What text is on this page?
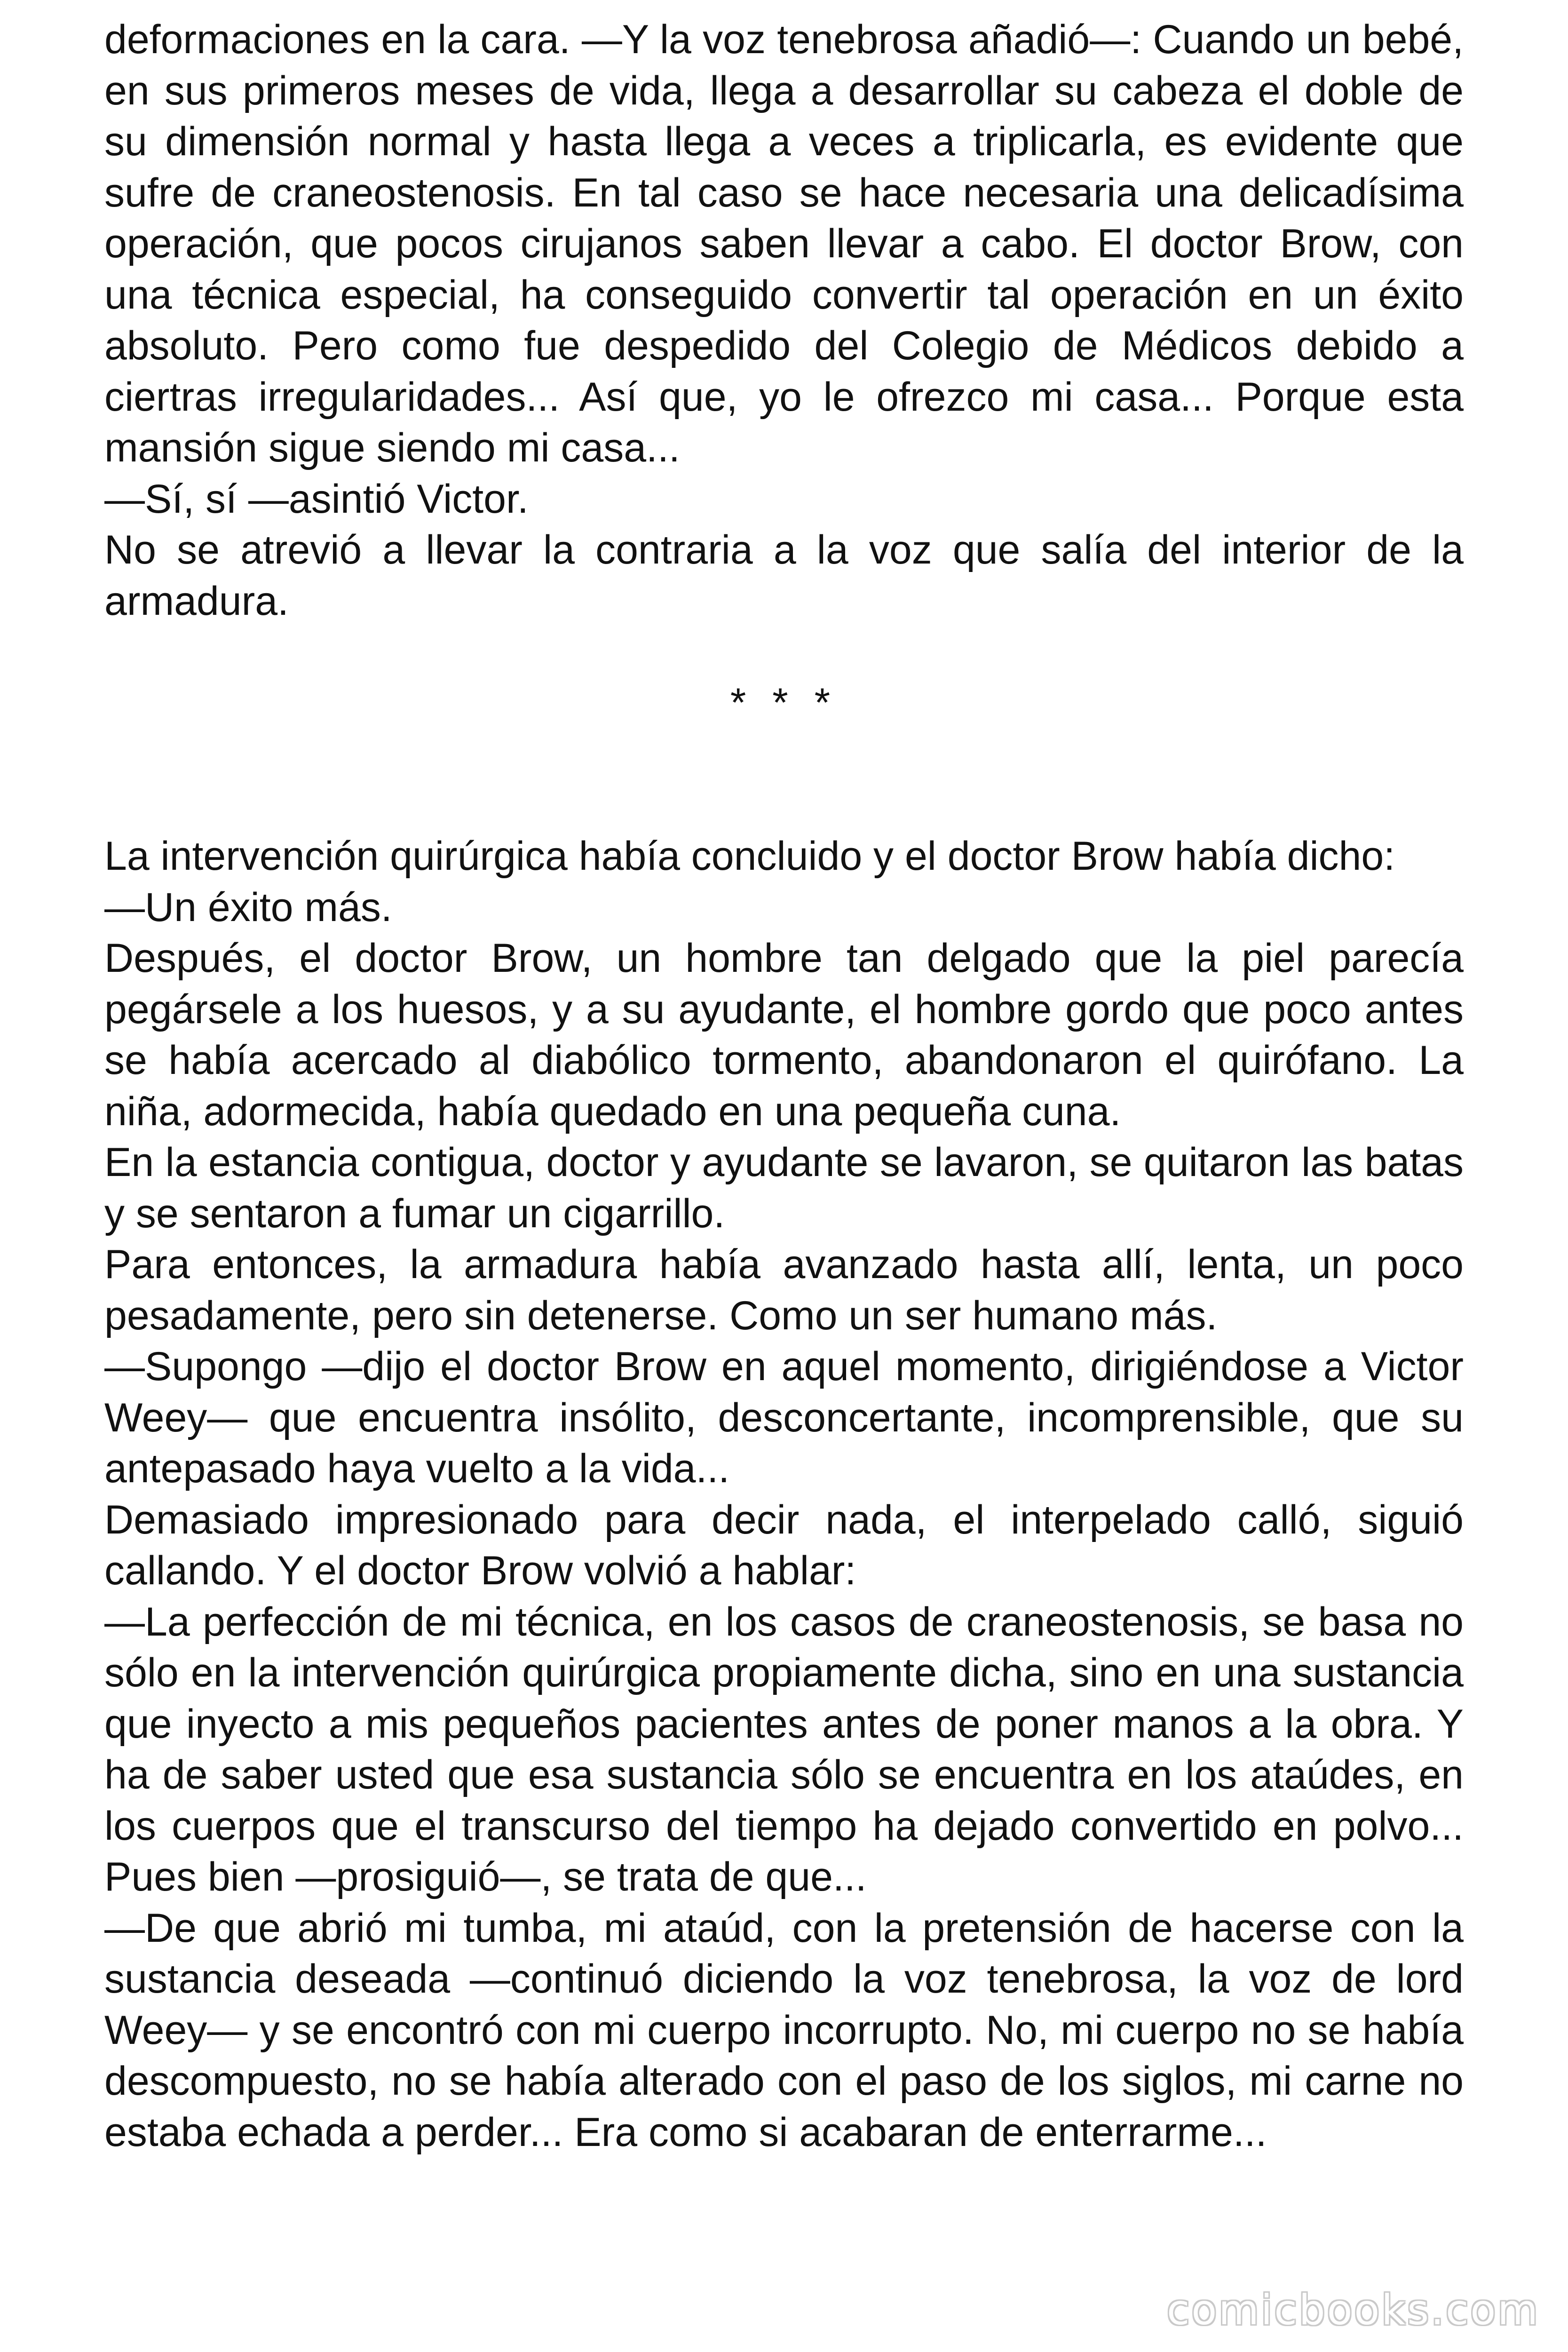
deformaciones en la cara. —Y la voz tenebrosa añadió—: Cuando un bebé, en sus primeros meses de vida, llega a desarrollar su cabeza el doble de su dimensión normal y hasta llega a veces a triplicarla, es evidente que sufre de craneostenosis. En tal caso se hace necesaria una delicadísima operación, que pocos cirujanos saben llevar a cabo. El doctor Brow, con una técnica especial, ha conseguido convertir tal operación en un éxito absoluto. Pero como fue despedido del Colegio de Médicos debido a ciertras irregularidades... Así que, yo le ofrezco mi casa... Porque esta mansión sigue siendo mi casa...

—Sí, sí —asintió Victor.

No se atrevió a llevar la contraria a la voz que salía del interior de la armadura.

* * *

La intervención quirúrgica había concluido y el doctor Brow había dicho:

—Un éxito más.

Después, el doctor Brow, un hombre tan delgado que la piel parecía pegársele a los huesos, y a su ayudante, el hombre gordo que poco antes se había acercado al diabólico tormento, abandonaron el quirófano. La niña, adormecida, había quedado en una pequeña cuna.

En la estancia contigua, doctor y ayudante se lavaron, se quitaron las batas y se sentaron a fumar un cigarrillo.

Para entonces, la armadura había avanzado hasta allí, lenta, un poco pesadamente, pero sin detenerse. Como un ser humano más.

—Supongo —dijo el doctor Brow en aquel momento, dirigiéndose a Victor Weey— que encuentra insólito, desconcertante, incomprensible, que su antepasado haya vuelto a la vida...

Demasiado impresionado para decir nada, el interpelado calló, siguió callando. Y el doctor Brow volvió a hablar:

—La perfección de mi técnica, en los casos de craneostenosis, se basa no sólo en la intervención quirúrgica propiamente dicha, sino en una sustancia que inyecto a mis pequeños pacientes antes de poner manos a la obra. Y ha de saber usted que esa sustancia sólo se encuentra en los ataúdes, en los cuerpos que el transcurso del tiempo ha dejado convertido en polvo... Pues bien —prosiguió—, se trata de que...

—De que abrió mi tumba, mi ataúd, con la pretensión de hacerse con la sustancia deseada —continuó diciendo la voz tenebrosa, la voz de lord Weey— y se encontró con mi cuerpo incorrupto. No, mi cuerpo no se había descompuesto, no se había alterado con el paso de los siglos, mi carne no estaba echada a perder... Era como si acabaran de enterrarme...

comicbooks.com
